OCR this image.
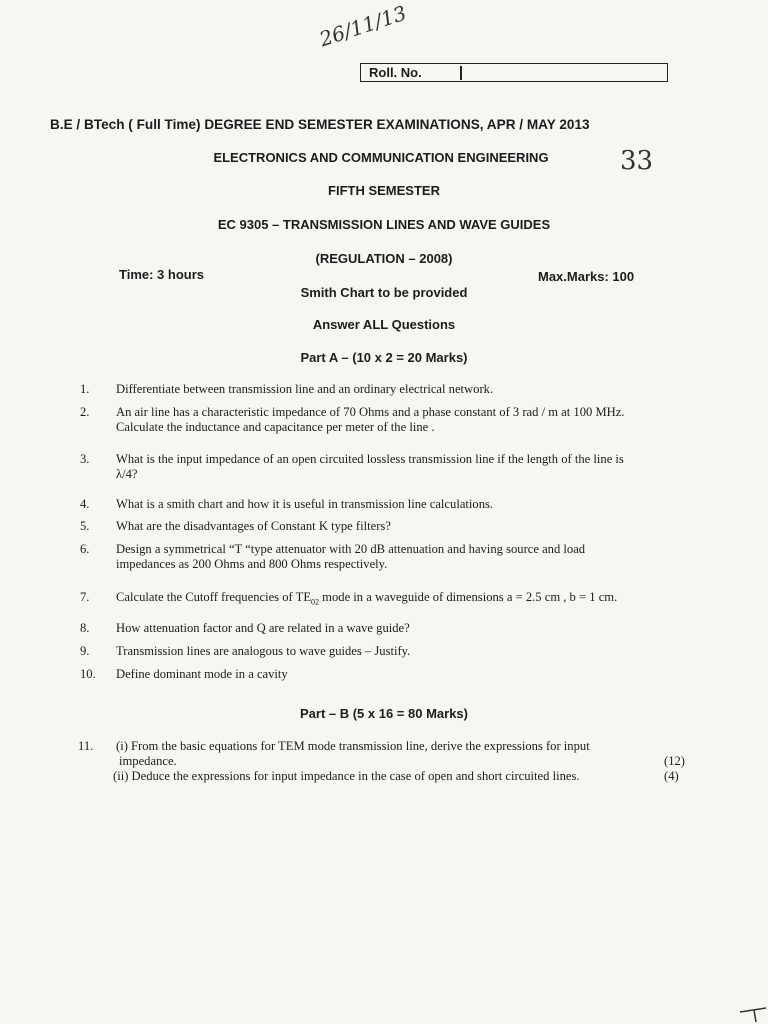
26/11/13
33
Roll. No.
B.E / BTech ( Full Time) DEGREE END SEMESTER EXAMINATIONS, APR / MAY 2013
ELECTRONICS AND COMMUNICATION ENGINEERING
FIFTH SEMESTER
EC 9305 – TRANSMISSION LINES AND WAVE GUIDES
(REGULATION – 2008)
Time: 3 hours	Max.Marks: 100
Smith Chart to be provided
Answer ALL Questions
Part A – (10 x 2 = 20 Marks)
1.	Differentiate between transmission line and an ordinary electrical network.
2.	An air line has a characteristic impedance of 70 Ohms and a phase constant of 3 rad / m at 100 MHz.
Calculate the inductance and capacitance per meter of the line .
3.	What is the input impedance of an open circuited lossless transmission line if the length of the line is
λ/4?
4.	What is a smith chart and how it is useful in transmission line calculations.
5.	What are the disadvantages of Constant K type filters?
6.	Design a symmetrical “T “type attenuator with 20 dB attenuation and having source and load
impedances as 200 Ohms and 800 Ohms respectively.
7.	Calculate the Cutoff frequencies of $TE_{02}$ mode in a waveguide of dimensions a = 2.5 cm , b = 1 cm.
8.	How attenuation factor and Q are related in a wave guide?
9.	Transmission lines are analogous to wave guides – Justify.
10.	Define dominant mode in a cavity
Part – B (5 x 16 = 80 Marks)
11.	(i) From the basic equations for TEM mode transmission line, derive the expressions for input
impedance.	(12)
(ii) Deduce the expressions for input impedance in the case of open and short circuited lines.	(4)
